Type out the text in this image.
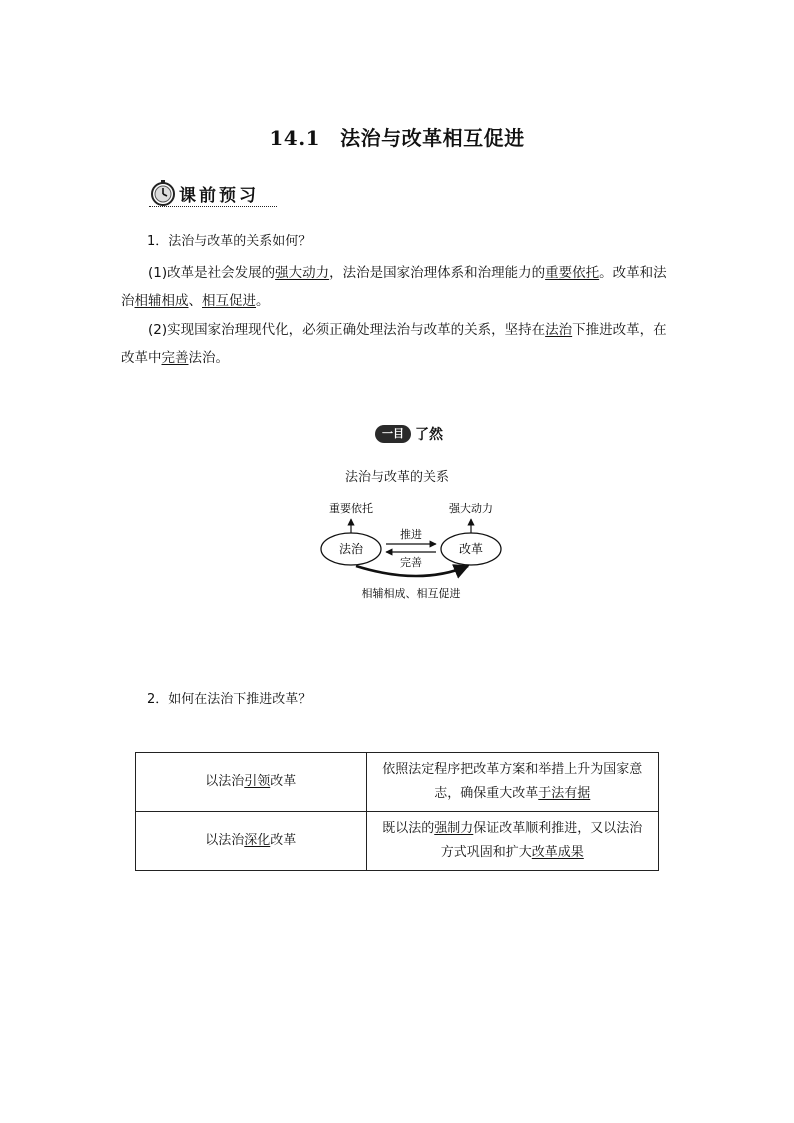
14.1 法治与改革相互促进
课前预习
1．法治与改革的关系如何？
(1)改革是社会发展的强大动力，法治是国家治理体系和治理能力的重要依托。改革和法治相辅相成、相互促进。
(2)实现国家治理现代化，必须正确处理法治与改革的关系，坚持在法治下推进改革，在改革中完善法治。
一目 了然
法治与改革的关系
重要依托	强大动力
法治	改革
推进
完善
相辅相成、相互促进
2．如何在法治下推进改革？
以法治引领改革	依照法定程序把改革方案和举措上升为国家意志，确保重大改革于法有据
以法治深化改革	既以法的强制力保证改革顺利推进，又以法治方式巩固和扩大改革成果
